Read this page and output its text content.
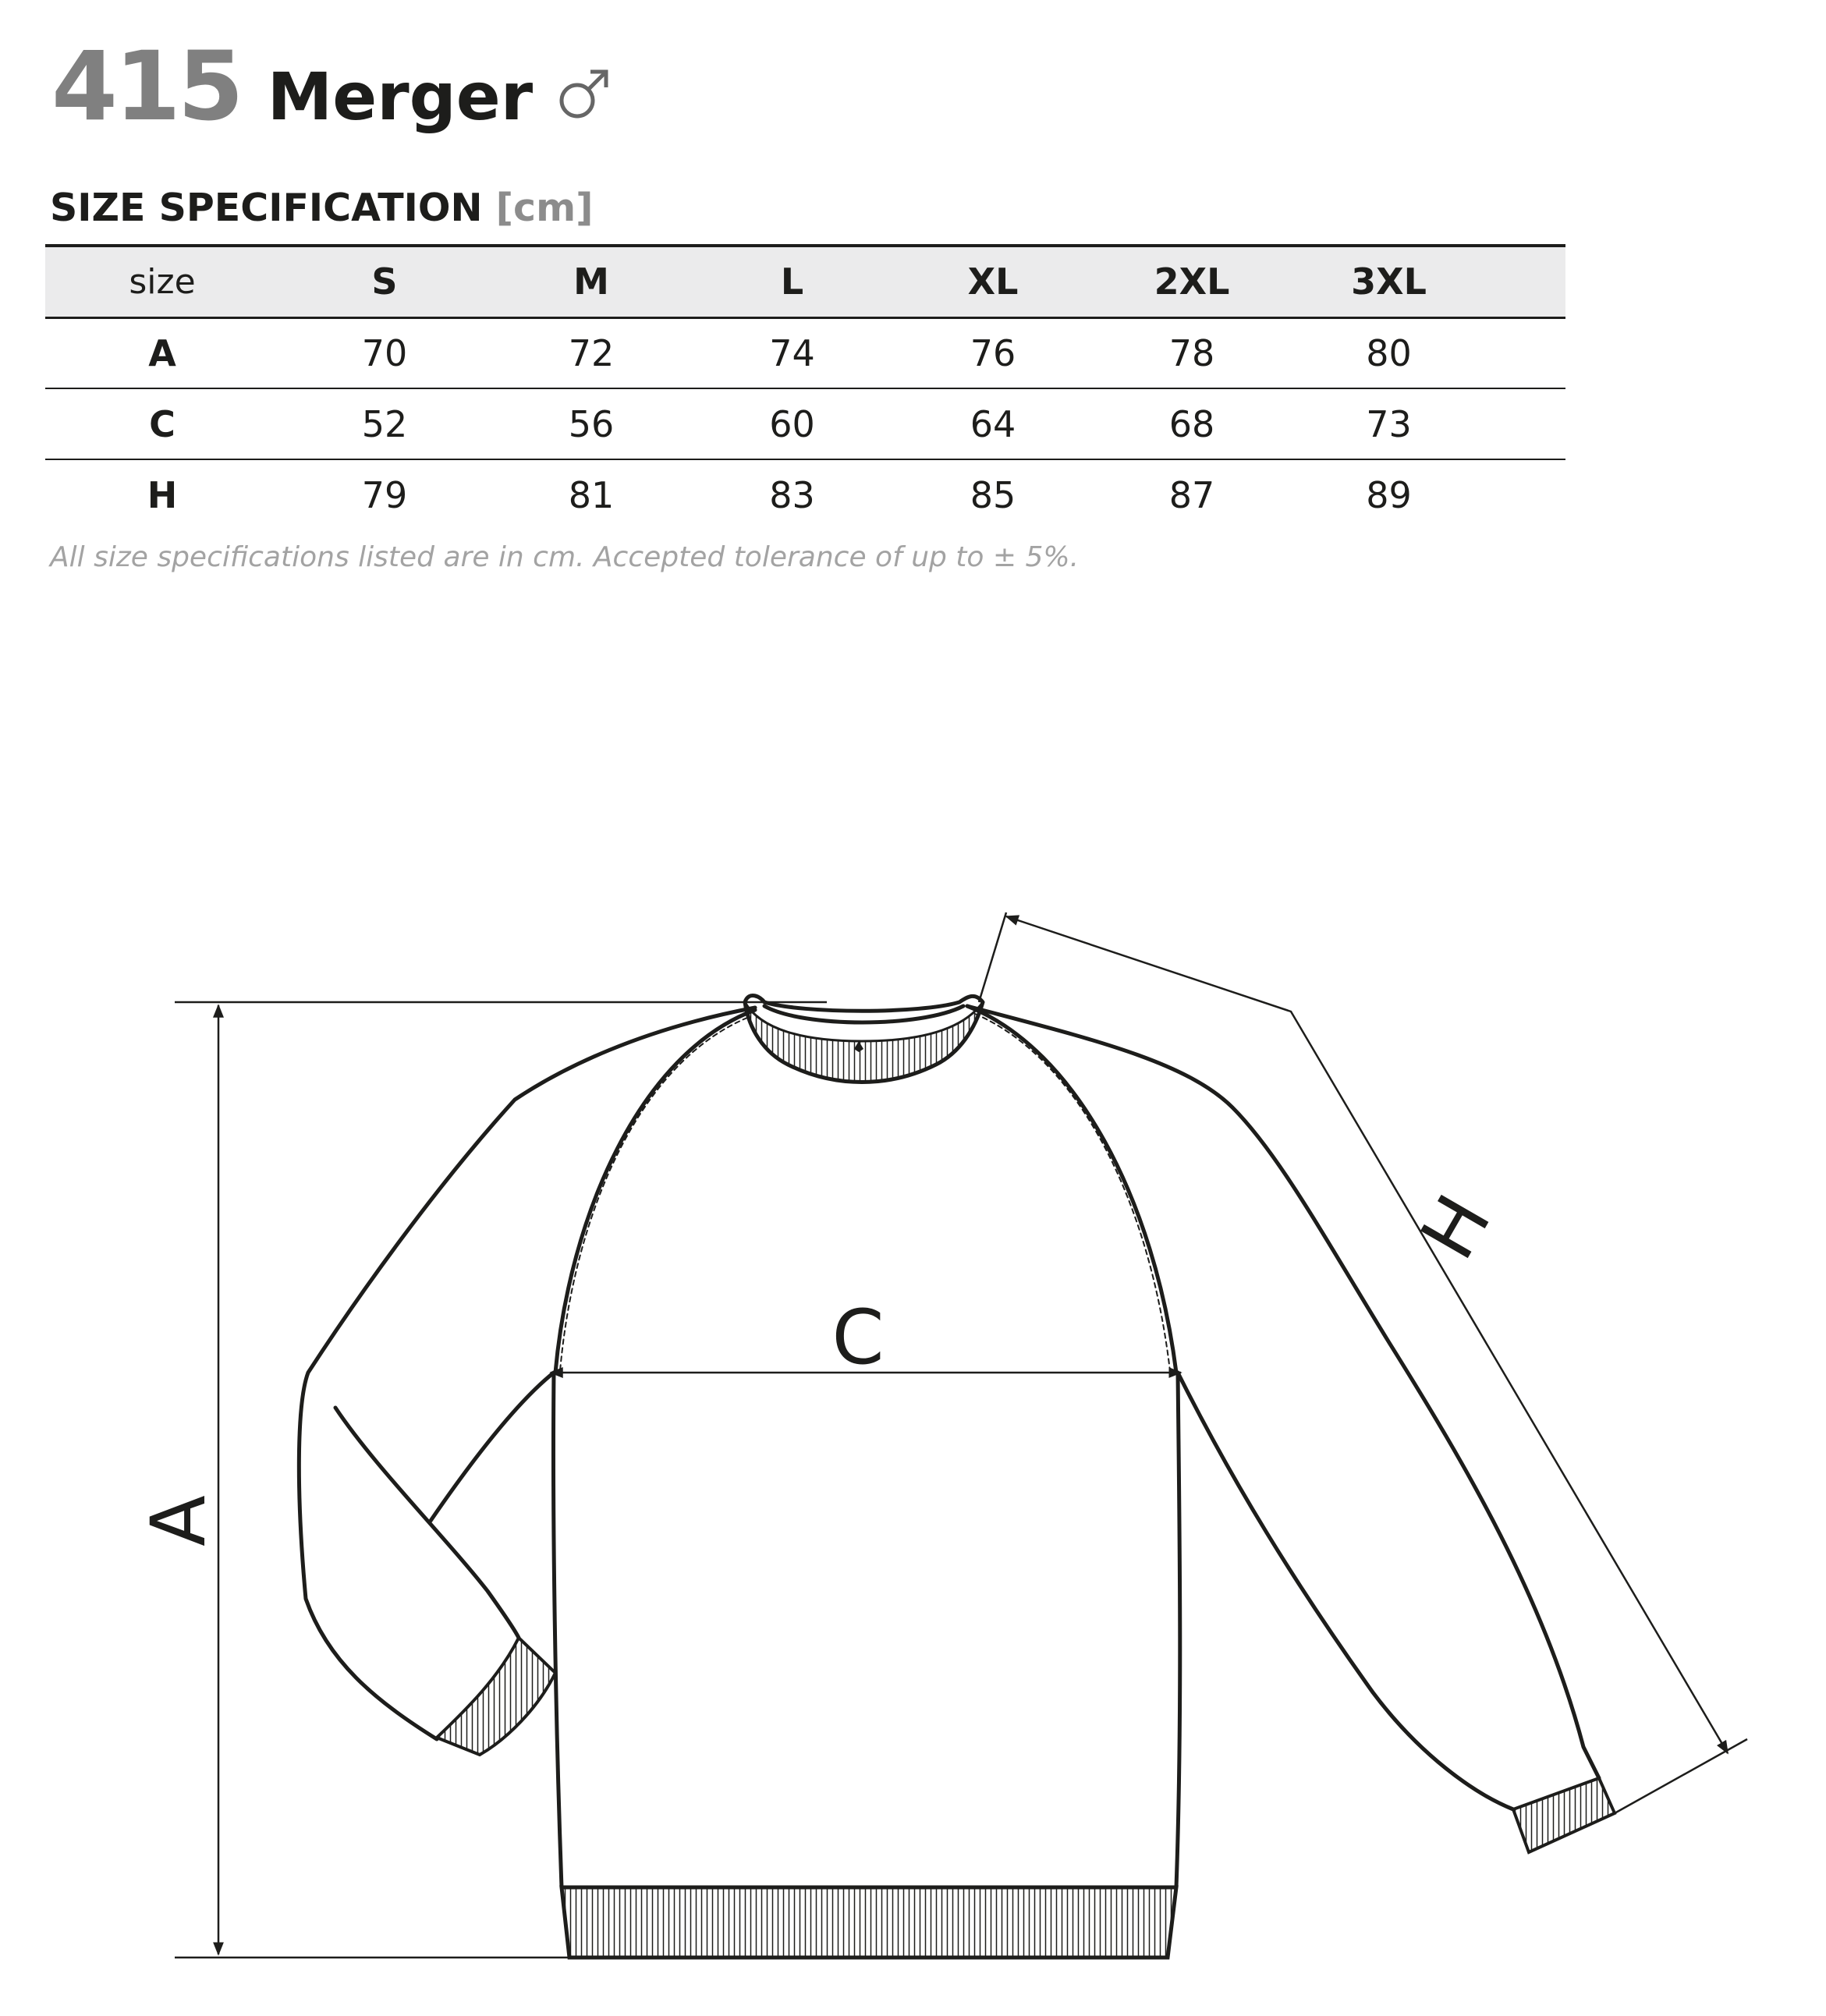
415 Merger
SIZE SPECIFICATION [cm]
size	S	M	L	XL	2XL	3XL	
A	70	72	74	76	78	80	
C	52	56	60	64	68	73	
H	79	81	83	85	87	89	
All size specifications listed are in cm. Accepted tolerance of up to ± 5%.
A
C
H
